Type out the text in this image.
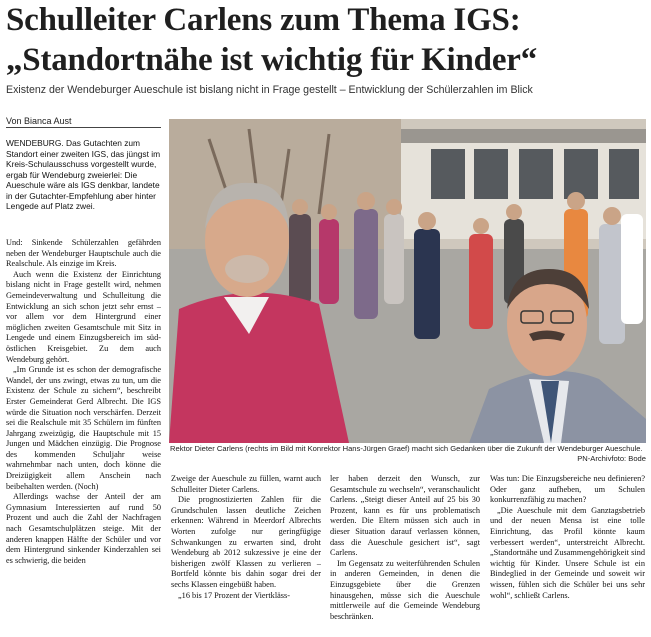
Schulleiter Carlens zum Thema IGS:
„Standortnähe ist wichtig für Kinder“
Existenz der Wendeburger Aueschule ist bislang nicht in Frage gestellt – Entwicklung der Schülerzahlen im Blick
Von Bianca Aust

WENDEBURG. Das Gutachten zum Standort einer zweiten IGS, das jüngst im Kreis-Schulausschuss vorgestellt wurde, ergab für Wendeburg zweierlei: Die Aueschule wäre als IGS denkbar, landete in der Gutachter-Empfehlung aber hinter Lengede auf Platz zwei.

Und: Sinkende Schülerzahlen gefährden neben der Wendeburger Hauptschule auch die Realschule. Als einzige im Kreis.

Auch wenn die Existenz der Einrichtung bislang nicht in Frage gestellt wird, nehmen Gemeindeverwaltung und Schulleitung die Entwicklung an sich schon jetzt sehr ernst – vor allem vor dem Hintergrund einer möglichen zweiten Gesamtschule mit Sitz in Lengede und einem Einzugsbereich im süd-östlichen Kreisgebiet. Zu dem auch Wendeburg gehört.

„Im Grunde ist es schon der demografische Wandel, der uns zwingt, etwas zu tun, um die Existenz der Schule zu sichern“, beschreibt Erster Gemeinderat Gerd Albrecht. Die IGS würde die Situation noch verschärfen. Derzeit sei die Realschule mit 35 Schülern im fünften Jahrgang zweizügig, die Hauptschule mit 15 Jungen und Mädchen einzügig. Die Prognose des kommenden Schuljahr weise wahrnehmbar nach unten, doch könne die Dreizügigkeit allem Anschein nach beibehalten werden. (Noch)

Allerdings wachse der Anteil der am Gymnasium Interessierten auf rund 50 Prozent und auch die Zahl der Nachfragen nach Gesamtschulplätzen steige. Mit der anderen knappen Hälfte der Schüler und vor dem Hintergrund sinkender Kinderzahlen sei es schwierig, die beiden

Rektor Dieter Carlens (rechts im Bild mit Konrektor Hans-Jürgen Graef) macht sich Gedanken über die Zukunft der Wendeburger Aueschule.
PN-Archivfoto: Bode

Zweige der Aueschule zu füllen, warnt auch Schulleiter Dieter Carlens.

Die prognostizierten Zahlen für die Grundschulen lassen deutliche Zeichen erkennen: Während in Meerdorf Albrechts Worten zufolge nur geringfügige Schwankungen zu erwarten sind, droht Wendeburg ab 2012 sukzessive je eine der bisherigen zwölf Klassen zu verlieren – Bortfeld könnte bis dahin sogar drei der sechs Klassen eingebüßt haben.

„16 bis 17 Prozent der Viertkläss-

ler haben derzeit den Wunsch, zur Gesamtschule zu wechseln“, veranschaulicht Carlens. „Steigt dieser Anteil auf 25 bis 30 Prozent, kann es für uns problematisch werden. Die Eltern müssen sich auch in dieser Situation darauf verlassen können, dass die Aueschule gesichert ist“, sagt Carlens.

Im Gegensatz zu weiterführenden Schulen in anderen Gemeinden, in denen die Einzugsgebiete über die Grenzen hinausgehen, müsse sich die Aueschule mittlerweile auf die Gemeinde Wendeburg beschränken.

Was tun: Die Einzugsbereiche neu definieren? Oder ganz aufheben, um Schulen konkurrenzfähig zu machen?

„Die Aueschule mit dem Ganztagsbetrieb und der neuen Mensa ist eine tolle Einrichtung, das Profil könnte kaum verbessert werden“, unterstreicht Albrecht. „Standortnähe und Zusammengehörigkeit sind wichtig für Kinder. Unsere Schule ist ein Bindeglied in der Gemeinde und soweit wir wissen, fühlen sich die Schüler bei uns sehr wohl“, schließt Carlens.
